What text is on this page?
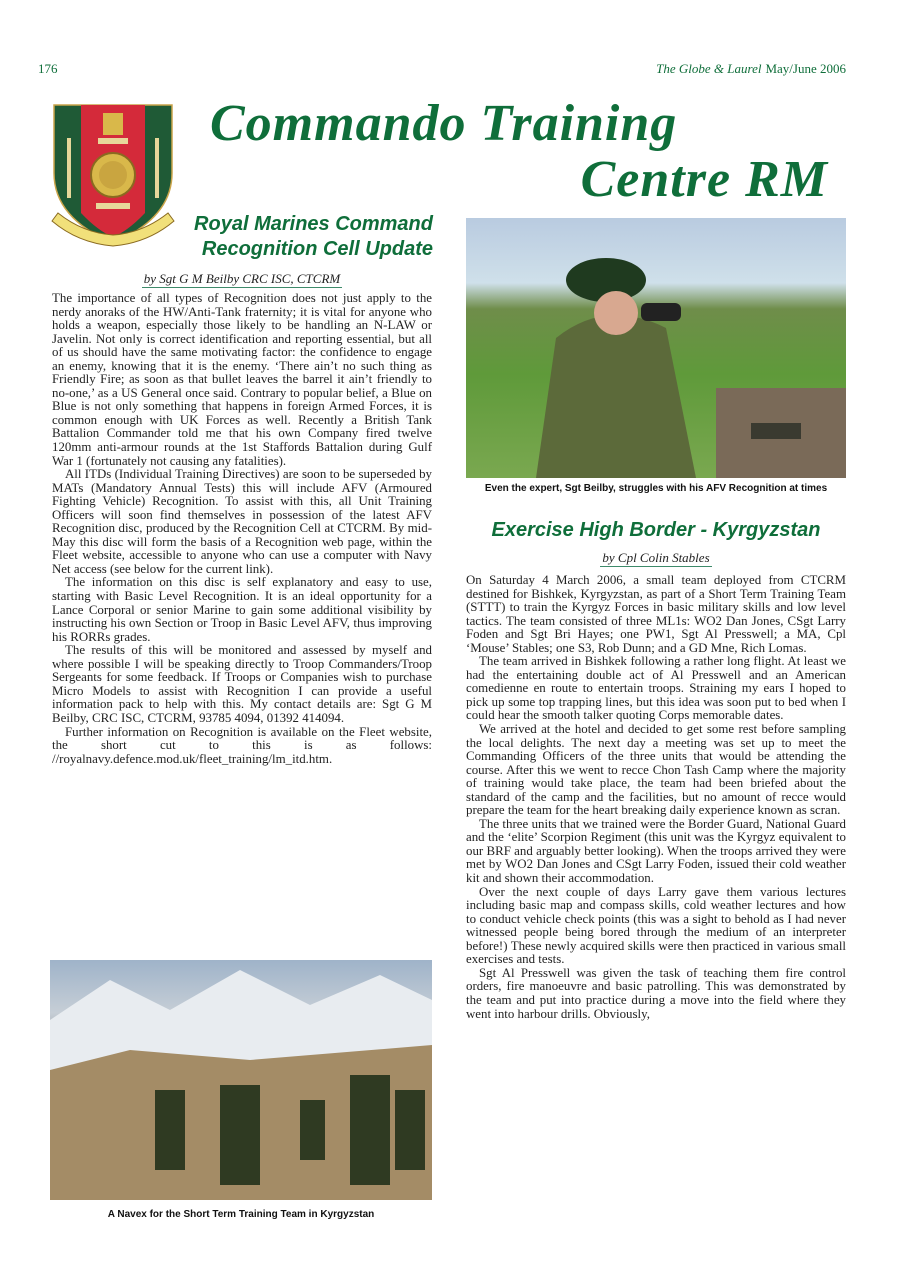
176	The Globe & Laurel May/June 2006
Commando Training
Centre RM
Royal Marines Command
Recognition Cell Update
by Sgt G M Beilby CRC ISC, CTCRM

The importance of all types of Recognition does not just apply to the nerdy anoraks of the HW/Anti-Tank fraternity; it is vital for anyone who holds a weapon, especially those likely to be handling an N-LAW or Javelin. Not only is correct identification and reporting essential, but all of us should have the same motivating factor: the confidence to engage an enemy, knowing that it is the enemy. ‘There ain’t no such thing as Friendly Fire; as soon as that bullet leaves the barrel it ain’t friendly to no-one,’ as a US General once said. Contrary to popular belief, a Blue on Blue is not only something that happens in foreign Armed Forces, it is common enough with UK Forces as well. Recently a British Tank Battalion Commander told me that his own Company fired twelve 120mm anti-armour rounds at the 1st Staffords Battalion during Gulf War 1 (fortunately not causing any fatalities).

All ITDs (Individual Training Directives) are soon to be superseded by MATs (Mandatory Annual Tests) this will include AFV (Armoured Fighting Vehicle) Recognition. To assist with this, all Unit Training Officers will soon find themselves in possession of the latest AFV Recognition disc, produced by the Recognition Cell at CTCRM. By mid-May this disc will form the basis of a Recognition web page, within the Fleet website, accessible to anyone who can use a computer with Navy Net access (see below for the current link).

The information on this disc is self explanatory and easy to use, starting with Basic Level Recognition. It is an ideal opportunity for a Lance Corporal or senior Marine to gain some additional visibility by instructing his own Section or Troop in Basic Level AFV, thus improving his RORRs grades.

The results of this will be monitored and assessed by myself and where possible I will be speaking directly to Troop Commanders/Troop Sergeants for some feedback. If Troops or Companies wish to purchase Micro Models to assist with Recognition I can provide a useful information pack to help with this. My contact details are: Sgt G M Beilby, CRC ISC, CTCRM, 93785 4094, 01392 414094.

Further information on Recognition is available on the Fleet website, the short cut to this is as follows: //royalnavy.defence.mod.uk/fleet_training/lm_itd.htm.

Even the expert, Sgt Beilby, struggles with his AFV Recognition at times
Exercise High Border - Kyrgyzstan
by Cpl Colin Stables

On Saturday 4 March 2006, a small team deployed from CTCRM destined for Bishkek, Kyrgyzstan, as part of a Short Term Training Team (STTT) to train the Kyrgyz Forces in basic military skills and low level tactics. The team consisted of three ML1s: WO2 Dan Jones, CSgt Larry Foden and Sgt Bri Hayes; one PW1, Sgt Al Presswell; a MA, Cpl ‘Mouse’ Stables; one S3, Rob Dunn; and a GD Mne, Rich Lomas.

The team arrived in Bishkek following a rather long flight. At least we had the entertaining double act of Al Presswell and an American comedienne en route to entertain troops. Straining my ears I hoped to pick up some top trapping lines, but this idea was soon put to bed when I could hear the smooth talker quoting Corps memorable dates.

We arrived at the hotel and decided to get some rest before sampling the local delights. The next day a meeting was set up to meet the Commanding Officers of the three units that would be attending the course. After this we went to recce Chon Tash Camp where the majority of training would take place, the team had been briefed about the standard of the camp and the facilities, but no amount of recce would prepare the team for the heart breaking daily experience known as scran.

The three units that we trained were the Border Guard, National Guard and the ‘elite’ Scorpion Regiment (this unit was the Kyrgyz equivalent to our BRF and arguably better looking). When the troops arrived they were met by WO2 Dan Jones and CSgt Larry Foden, issued their cold weather kit and shown their accommodation.

Over the next couple of days Larry gave them various lectures including basic map and compass skills, cold weather lectures and how to conduct vehicle check points (this was a sight to behold as I had never witnessed people being bored through the medium of an interpreter before!) These newly acquired skills were then practiced in various small exercises and tests.

Sgt Al Presswell was given the task of teaching them fire control orders, fire manoeuvre and basic patrolling. This was demonstrated by the team and put into practice during a move into the field where they went into harbour drills. Obviously,

A Navex for the Short Term Training Team in Kyrgyzstan
